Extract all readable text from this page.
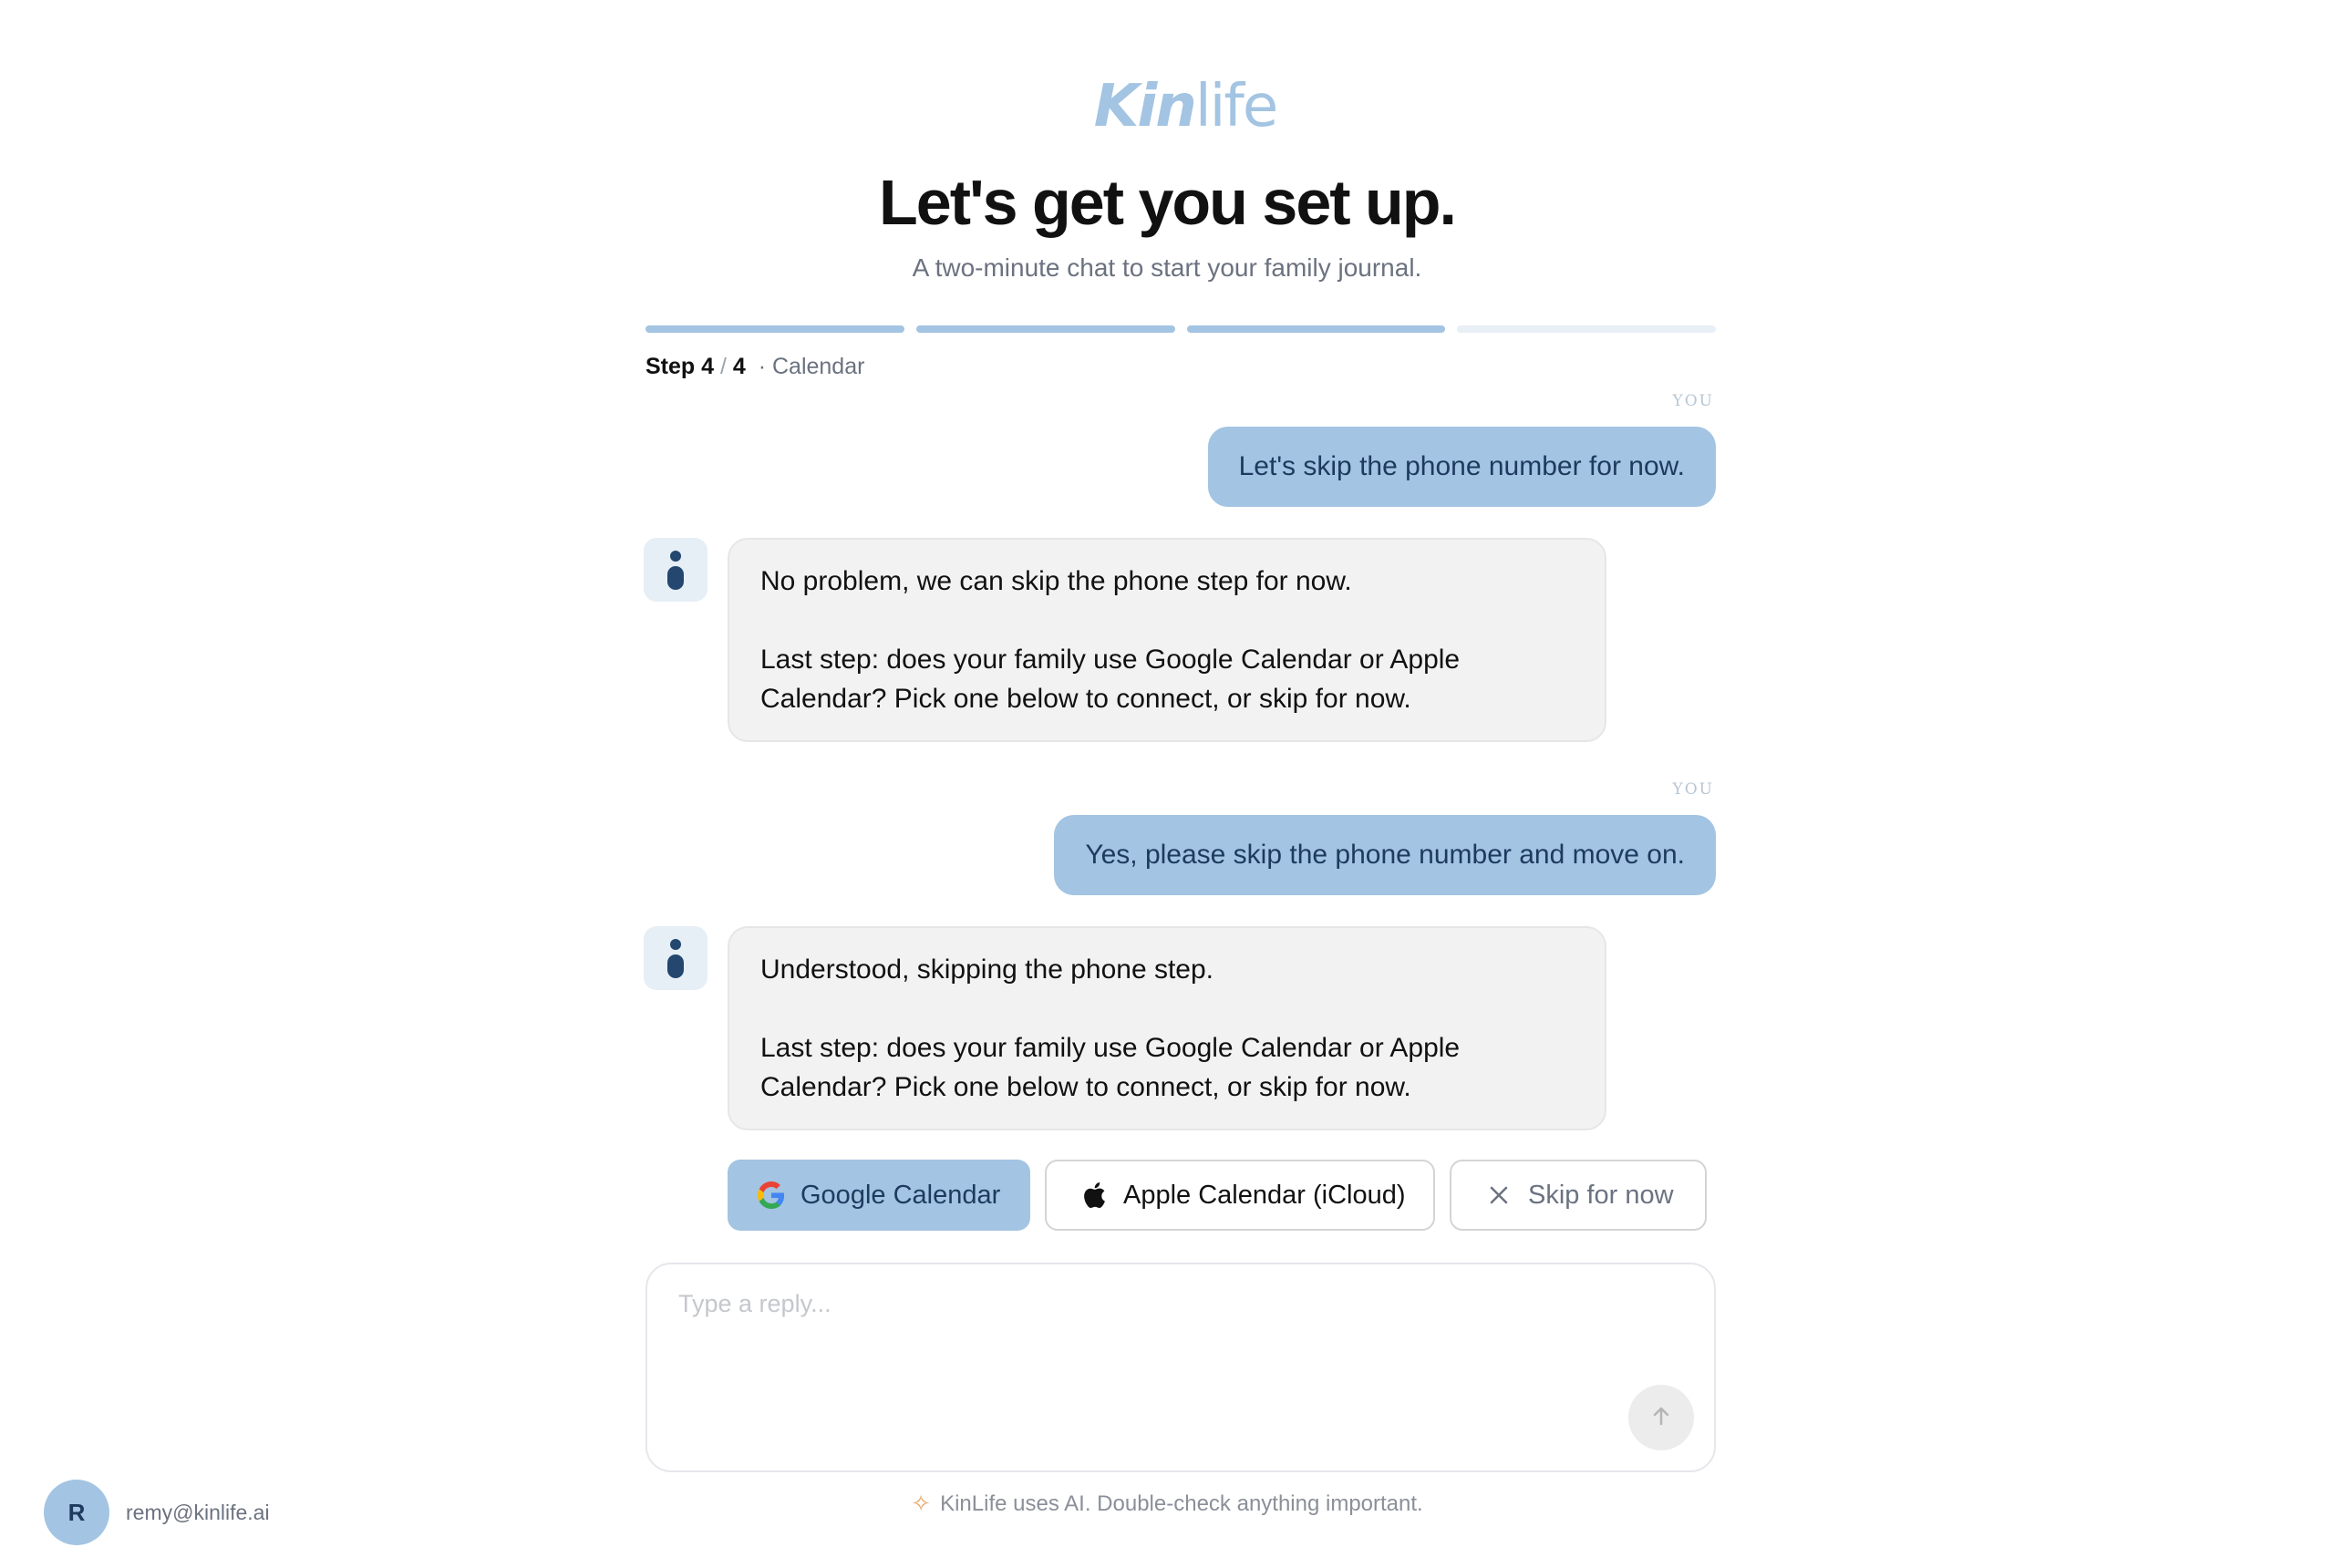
Kin life
Let's get you set up.
A two-minute chat to start your family journal.
Step 4 / 4 · Calendar
YOU
Let's skip the phone number for now.

No problem, we can skip the phone step for now.

Last step: does your family use Google Calendar or Apple Calendar? Pick one below to connect, or skip for now.

YOU
Yes, please skip the phone number and move on.

Understood, skipping the phone step.

Last step: does your family use Google Calendar or Apple Calendar? Pick one below to connect, or skip for now.

Google Calendar	Apple Calendar (iCloud)	Skip for now
Type a reply...
✧ KinLife uses AI. Double-check anything important.
R	remy@kinlife.ai
